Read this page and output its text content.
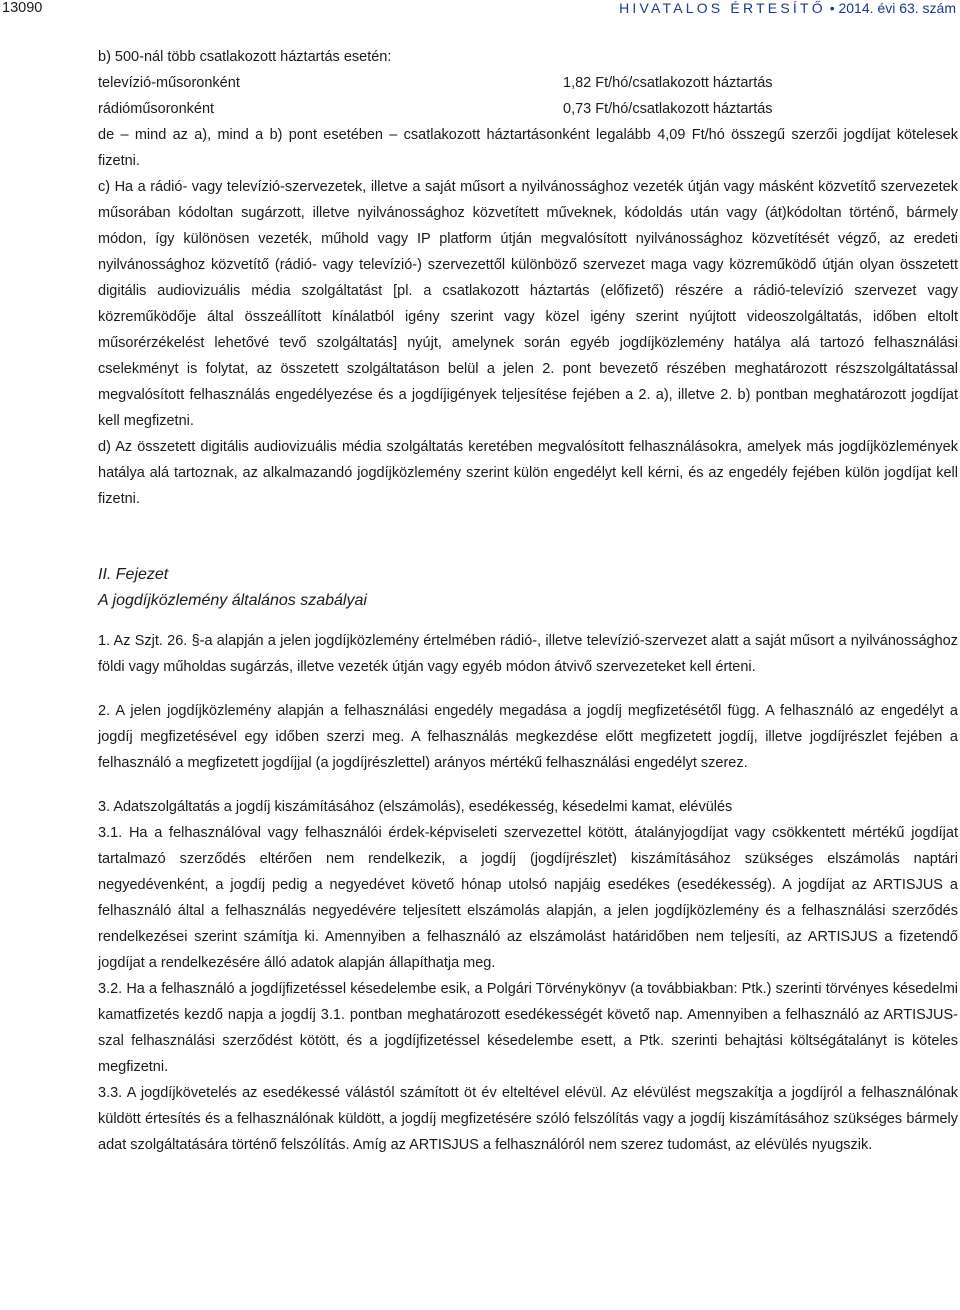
13090	HIVATALOS ÉRTESÍTŐ • 2014. évi 63. szám

b) 500-nál több csatlakozott háztartás esetén:

televízió-műsoronként	1,82 Ft/hó/csatlakozott háztartás
rádióműsoronként	0,73 Ft/hó/csatlakozott háztartás

de – mind az a), mind a b) pont esetében – csatlakozott háztartásonként legalább 4,09 Ft/hó összegű szerzői jogdíjat kötelesek fizetni.

c) Ha a rádió- vagy televízió-szervezetek, illetve a saját műsort a nyilvánossághoz vezeték útján vagy másként közvetítő szervezetek műsorában kódoltan sugárzott, illetve nyilvánossághoz közvetített műveknek, kódoldás után vagy (át)kódoltan történő, bármely módon, így különösen vezeték, műhold vagy IP platform útján megvalósított nyilvánossághoz közvetítését végző, az eredeti nyilvánossághoz közvetítő (rádió- vagy televízió-) szervezettől különböző szervezet maga vagy közreműködő útján olyan összetett digitális audiovizuális média szolgáltatást [pl. a csatlakozott háztartás (előfizető) részére a rádió-televízió szervezet vagy közreműködője által összeállított kínálatból igény szerint vagy közel igény szerint nyújtott videoszolgáltatás, időben eltolt műsorérzékelést lehetővé tevő szolgáltatás] nyújt, amelynek során egyéb jogdíjközlemény hatálya alá tartozó felhasználási cselekményt is folytat, az összetett szolgáltatáson belül a jelen 2. pont bevezető részében meghatározott részszolgáltatással megvalósított felhasználás engedélyezése és a jogdíjigények teljesítése fejében a 2. a), illetve 2. b) pontban meghatározott jogdíjat kell megfizetni.

d) Az összetett digitális audiovizuális média szolgáltatás keretében megvalósított felhasználásokra, amelyek más jogdíjközlemények hatálya alá tartoznak, az alkalmazandó jogdíjközlemény szerint külön engedélyt kell kérni, és az engedély fejében külön jogdíjat kell fizetni.

II. Fejezet
A jogdíjközlemény általános szabályai

1. Az Szjt. 26. §-a alapján a jelen jogdíjközlemény értelmében rádió-, illetve televízió-szervezet alatt a saját műsort a nyilvánossághoz földi vagy műholdas sugárzás, illetve vezeték útján vagy egyéb módon átvivő szervezeteket kell érteni.

2. A jelen jogdíjközlemény alapján a felhasználási engedély megadása a jogdíj megfizetésétől függ. A felhasználó az engedélyt a jogdíj megfizetésével egy időben szerzi meg. A felhasználás megkezdése előtt megfizetett jogdíj, illetve jogdíjrészlet fejében a felhasználó a megfizetett jogdíjjal (a jogdíjrészlettel) arányos mértékű felhasználási engedélyt szerez.

3. Adatszolgáltatás a jogdíj kiszámításához (elszámolás), esedékesség, késedelmi kamat, elévülés

3.1. Ha a felhasználóval vagy felhasználói érdek-képviseleti szervezettel kötött, átalányjogdíjat vagy csökkentett mértékű jogdíjat tartalmazó szerződés eltérően nem rendelkezik, a jogdíj (jogdíjrészlet) kiszámításához szükséges elszámolás naptári negyedévenként, a jogdíj pedig a negyedévet követő hónap utolsó napjáig esedékes (esedékesség). A jogdíjat az ARTISJUS a felhasználó által a felhasználás negyedévére teljesített elszámolás alapján, a jelen jogdíjközlemény és a felhasználási szerződés rendelkezései szerint számítja ki. Amennyiben a felhasználó az elszámolást határidőben nem teljesíti, az ARTISJUS a fizetendő jogdíjat a rendelkezésére álló adatok alapján állapíthatja meg.

3.2. Ha a felhasználó a jogdíjfizetéssel késedelembe esik, a Polgári Törvénykönyv (a továbbiakban: Ptk.) szerinti törvényes késedelmi kamatfizetés kezdő napja a jogdíj 3.1. pontban meghatározott esedékességét követő nap. Amennyiben a felhasználó az ARTISJUS-szal felhasználási szerződést kötött, és a jogdíjfizetéssel késedelembe esett, a Ptk. szerinti behajtási költségátalányt is köteles megfizetni.

3.3. A jogdíjkövetelés az esedékessé válástól számított öt év elteltével elévül. Az elévülést megszakítja a jogdíjról a felhasználónak küldött értesítés és a felhasználónak küldött, a jogdíj megfizetésére szóló felszólítás vagy a jogdíj kiszámításához szükséges bármely adat szolgáltatására történő felszólítás. Amíg az ARTISJUS a felhasználóról nem szerez tudomást, az elévülés nyugszik.
